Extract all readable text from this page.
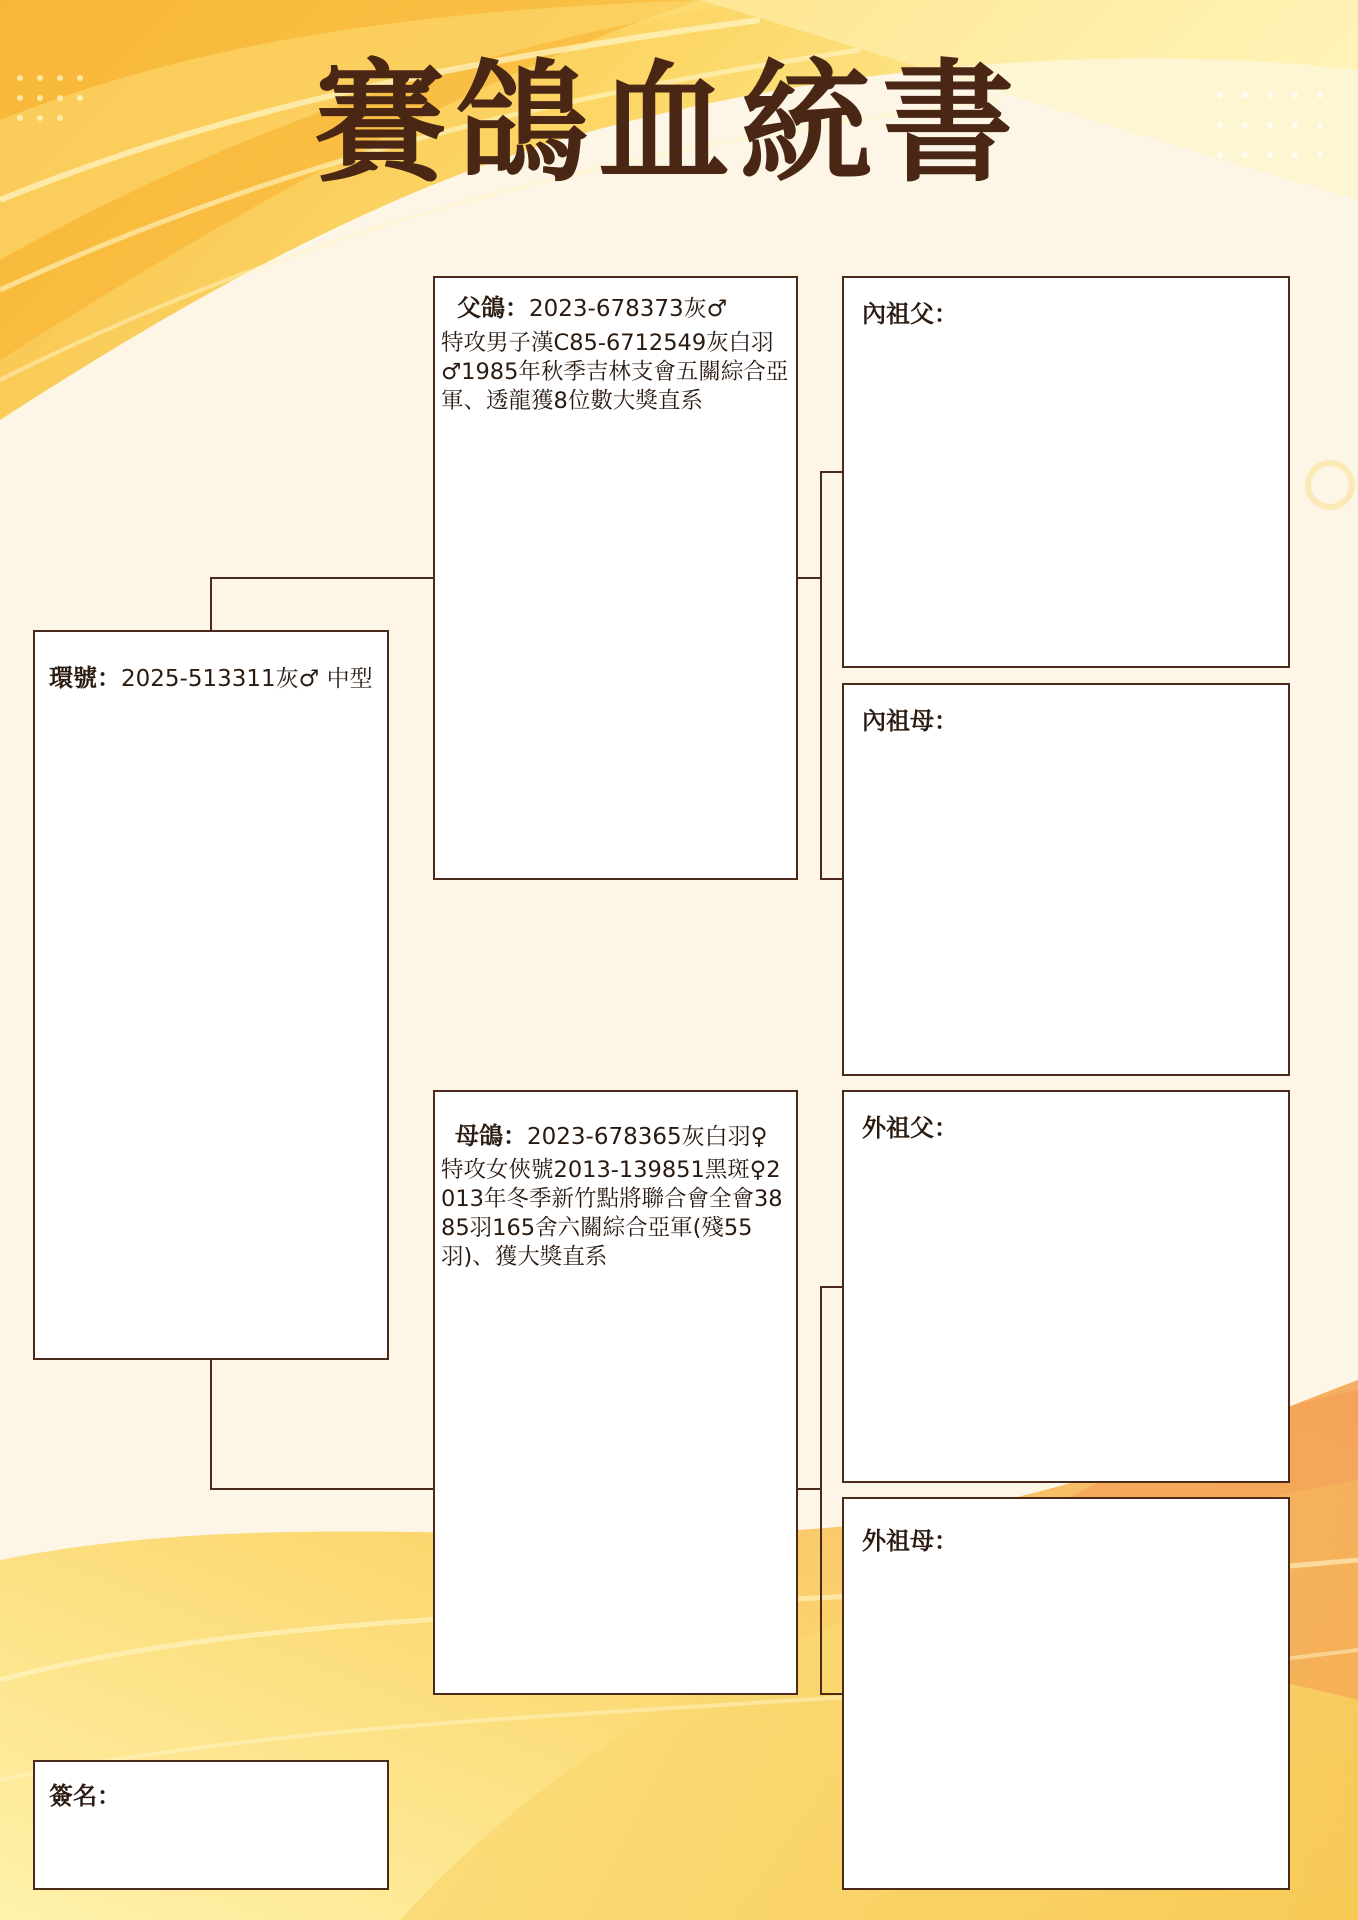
賽鴿血統書
環號：2025-513311灰♂ 中型
父鴿：2023-678373灰♂
特攻男子漢C85-6712549灰白羽♂1985年秋季吉林支會五關綜合亞軍、透龍獲8位數大獎直系
母鴿：2023-678365灰白羽♀
特攻女俠號2013-139851黑斑♀2013年冬季新竹點將聯合會全會3885羽165舍六關綜合亞軍(殘55羽)、獲大獎直系
內祖父：
內祖母：
外祖父：
外祖母：
簽名：
